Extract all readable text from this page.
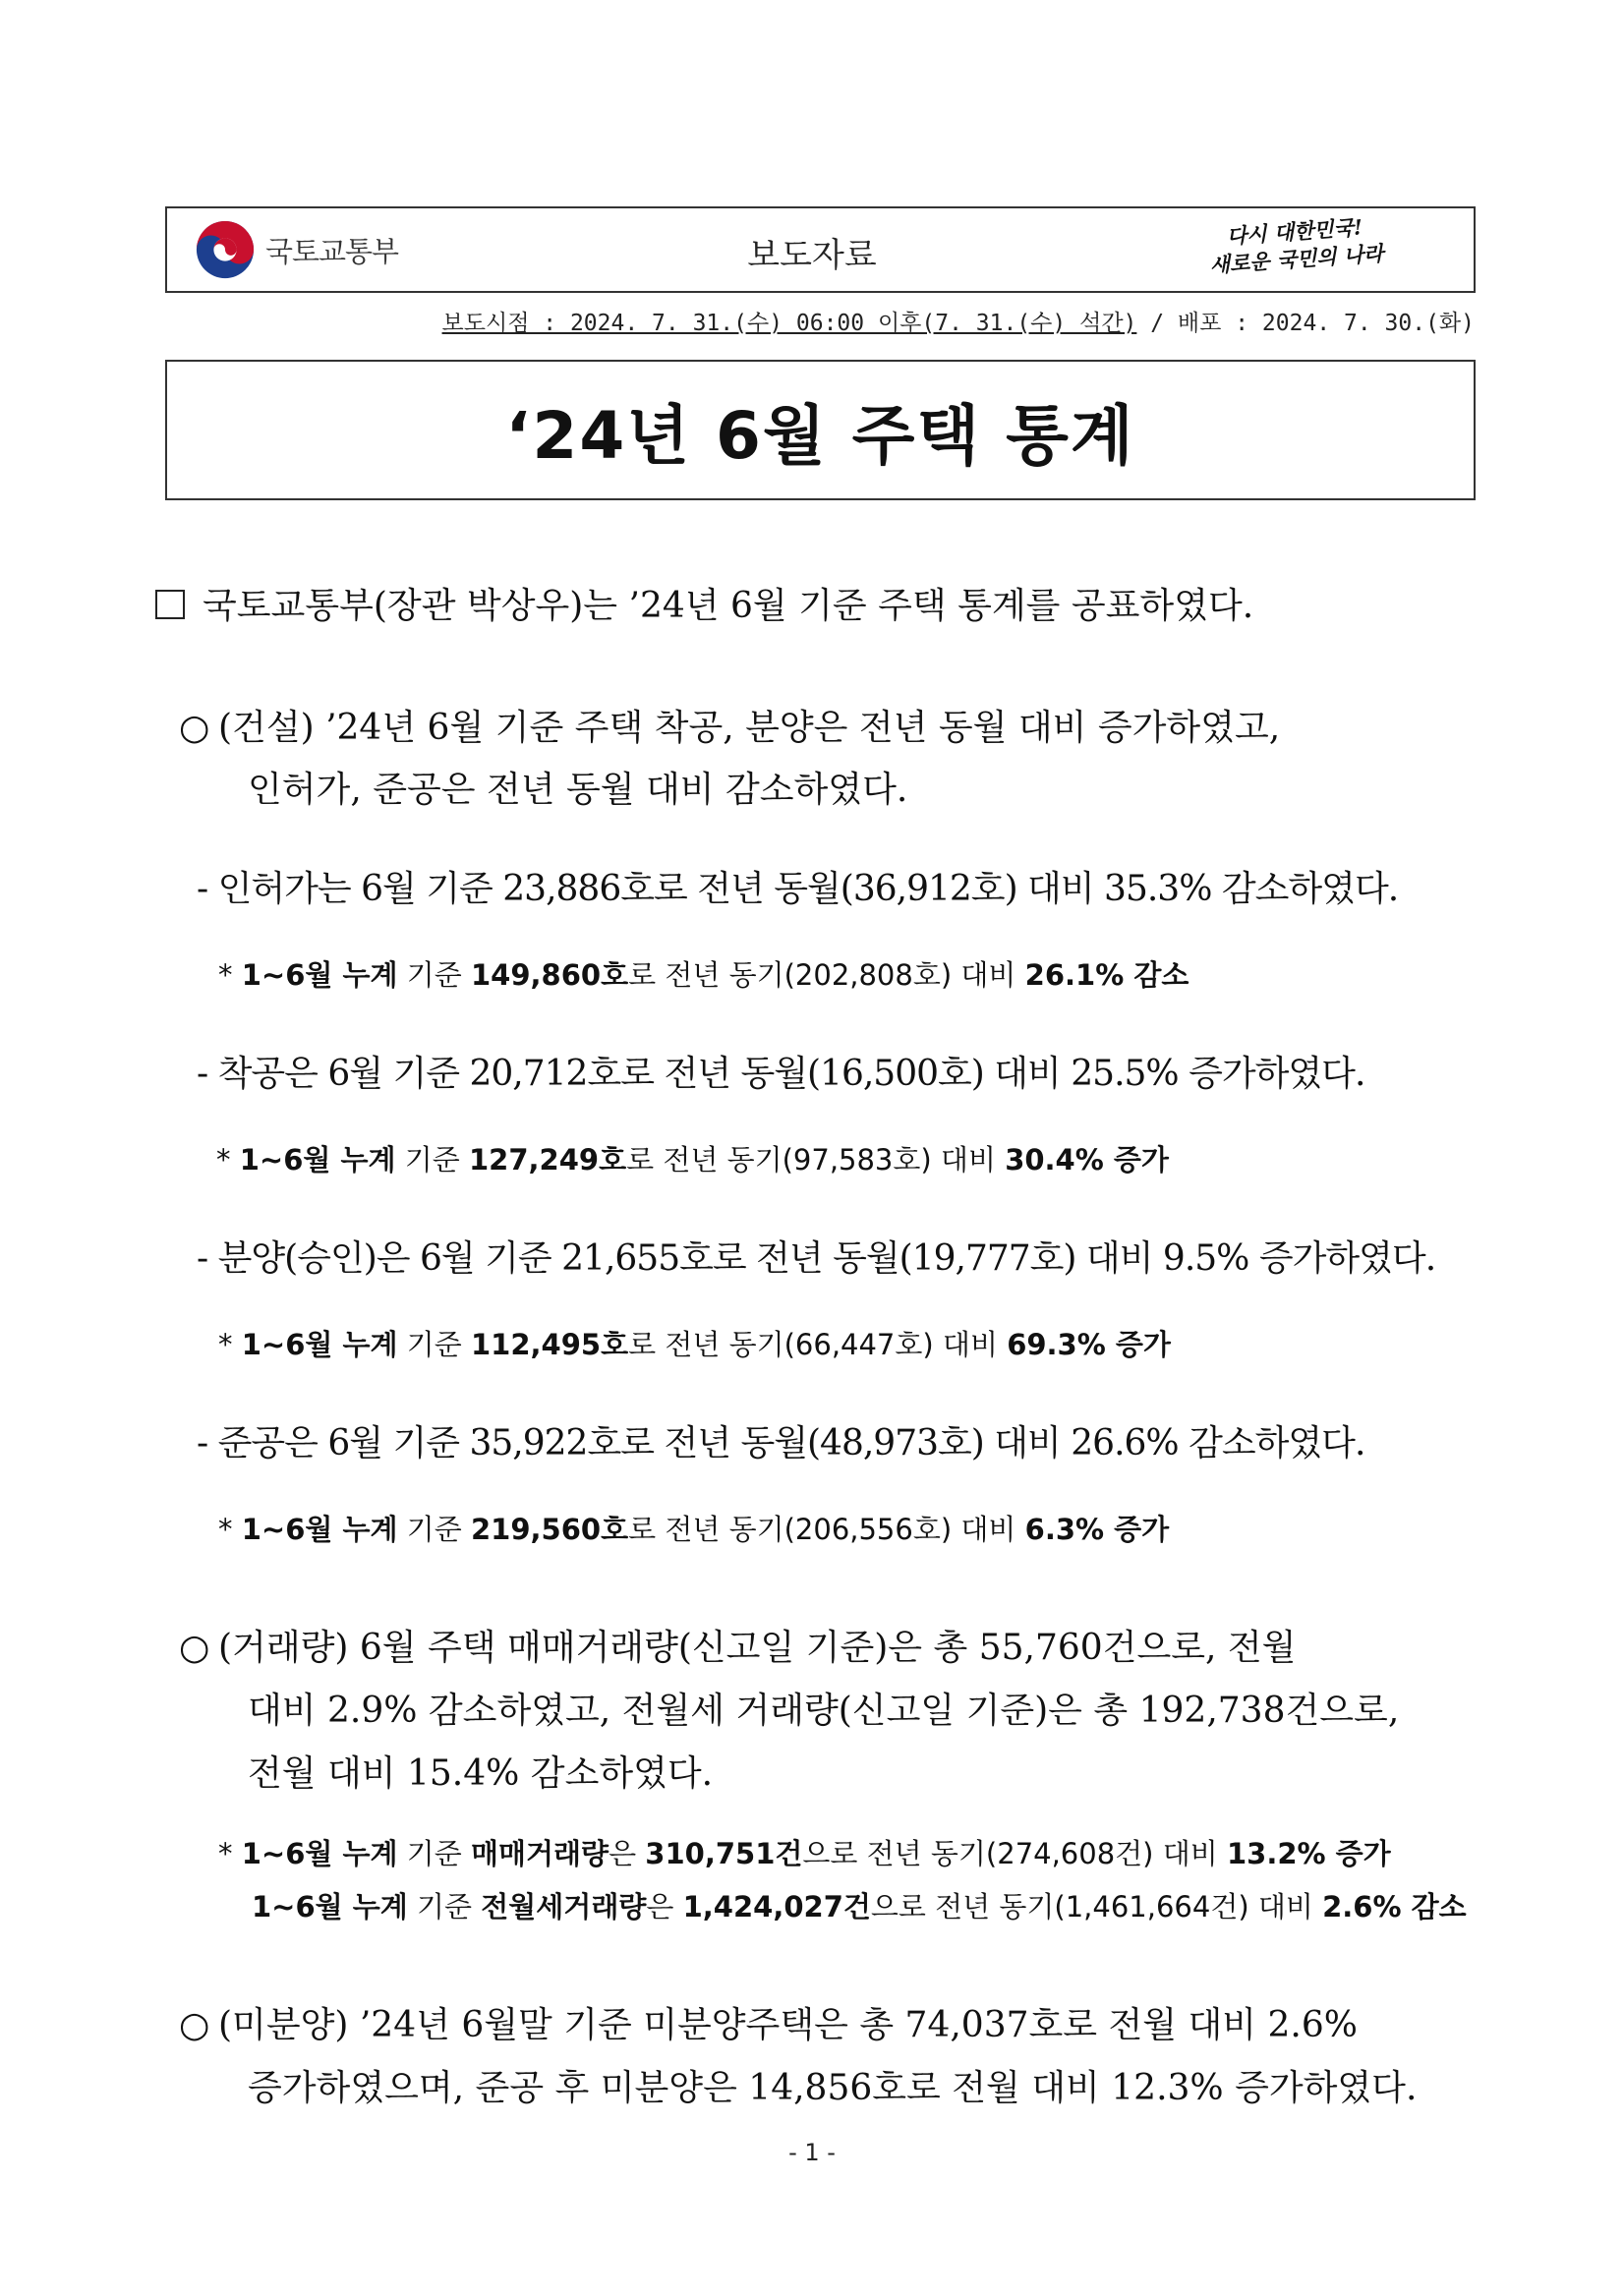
국토교통부	보도자료
다시 대한민국!
새로운 국민의 나라
보도시점 : 2024. 7. 31.(수) 06:00 이후(7. 31.(수) 석간) / 배포 : 2024. 7. 30.(화)
‘24년 6월 주택 통계
국토교통부(장관 박상우)는 ’24년 6월 기준 주택 통계를 공표하였다.
○ (건설) ’24년 6월 기준 주택 착공, 분양은 전년 동월 대비 증가하였고,
인허가, 준공은 전년 동월 대비 감소하였다.
- 인허가는 6월 기준 23,886호로 전년 동월(36,912호) 대비 35.3% 감소하였다.
* 1~6월 누계 기준 149,860호로 전년 동기(202,808호) 대비 26.1% 감소
- 착공은 6월 기준 20,712호로 전년 동월(16,500호) 대비 25.5% 증가하였다.
* 1~6월 누계 기준 127,249호로 전년 동기(97,583호) 대비 30.4% 증가
- 분양(승인)은 6월 기준 21,655호로 전년 동월(19,777호) 대비 9.5% 증가하였다.
* 1~6월 누계 기준 112,495호로 전년 동기(66,447호) 대비 69.3% 증가
- 준공은 6월 기준 35,922호로 전년 동월(48,973호) 대비 26.6% 감소하였다.
* 1~6월 누계 기준 219,560호로 전년 동기(206,556호) 대비 6.3% 증가
○ (거래량) 6월 주택 매매거래량(신고일 기준)은 총 55,760건으로, 전월
대비 2.9% 감소하였고, 전월세 거래량(신고일 기준)은 총 192,738건으로,
전월 대비 15.4% 감소하였다.
* 1~6월 누계 기준 매매거래량은 310,751건으로 전년 동기(274,608건) 대비 13.2% 증가
1~6월 누계 기준 전월세거래량은 1,424,027건으로 전년 동기(1,461,664건) 대비 2.6% 감소
○ (미분양) ’24년 6월말 기준 미분양주택은 총 74,037호로 전월 대비 2.6%
증가하였으며, 준공 후 미분양은 14,856호로 전월 대비 12.3% 증가하였다.
- 1 -
